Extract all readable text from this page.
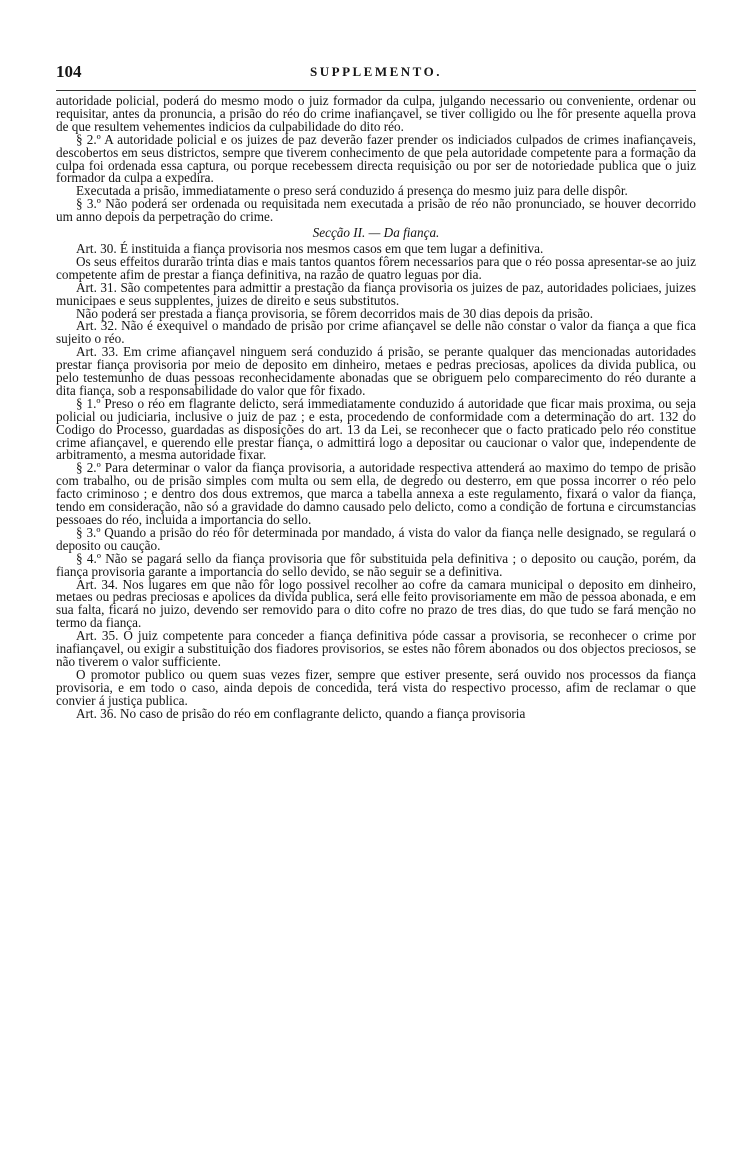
104	SUPPLEMENTO.

autoridade policial, poderá do mesmo modo o juiz formador da culpa, julgando necessario ou conveniente, ordenar ou requisitar, antes da pronuncia, a prisão do réo do crime inafiançavel, se tiver colligido ou lhe fôr presente aquella prova de que resultem vehementes indicios da culpabilidade do dito réo.

§ 2.º A autoridade policial e os juizes de paz deverão fazer prender os indiciados culpados de crimes inafiançaveis, descobertos em seus districtos, sempre que tiverem conhecimento de que pela autoridade competente para a formação da culpa foi ordenada essa captura, ou porque recebessem directa requisição ou por ser de notoriedade publica que o juiz formador da culpa a expedira.

Executada a prisão, immediatamente o preso será conduzido á presença do mesmo juiz para delle dispôr.

§ 3.º Não poderá ser ordenada ou requisitada nem executada a prisão de réo não pronunciado, se houver decorrido um anno depois da perpetração do crime.

Secção II. — Da fiança.

Art. 30. É instituida a fiança provisoria nos mesmos casos em que tem lugar a definitiva.

Os seus effeitos durarão trinta dias e mais tantos quantos fôrem necessarios para que o réo possa apresentar-se ao juiz competente afim de prestar a fiança definitiva, na razão de quatro leguas por dia.

Art. 31. São competentes para admittir a prestação da fiança provisoria os juizes de paz, autoridades policiaes, juizes municipaes e seus supplentes, juizes de direito e seus substitutos.

Não poderá ser prestada a fiança provisoria, se fôrem decorridos mais de 30 dias depois da prisão.

Art. 32. Não é exequivel o mandado de prisão por crime afiançavel se delle não constar o valor da fiança a que fica sujeito o réo.

Art. 33. Em crime afiançavel ninguem será conduzido á prisão, se perante qualquer das mencionadas autoridades prestar fiança provisoria por meio de deposito em dinheiro, metaes e pedras preciosas, apolices da divida publica, ou pelo testemunho de duas pessoas reconhecidamente abonadas que se obriguem pelo comparecimento do réo durante a dita fiança, sob a responsabilidade do valor que fôr fixado.

§ 1.º Preso o réo em flagrante delicto, será immediatamente conduzido á autoridade que ficar mais proxima, ou seja policial ou judiciaria, inclusive o juiz de paz ; e esta, procedendo de conformidade com a determinação do art. 132 do Codigo do Processo, guardadas as disposições do art. 13 da Lei, se reconhecer que o facto praticado pelo réo constitue crime afiançavel, e querendo elle prestar fiança, o admittirá logo a depositar ou caucionar o valor que, independente de arbitramento, a mesma autoridade fixar.

§ 2.º Para determinar o valor da fiança provisoria, a autoridade respectiva attenderá ao maximo do tempo de prisão com trabalho, ou de prisão simples com multa ou sem ella, de degredo ou desterro, em que possa incorrer o réo pelo facto criminoso ; e dentro dos dous extremos, que marca a tabella annexa a este regulamento, fixará o valor da fiança, tendo em consideração, não só a gravidade do damno causado pelo delicto, como a condição de fortuna e circumstancias pessoaes do réo, incluida a importancia do sello.

§ 3.º Quando a prisão do réo fôr determinada por mandado, á vista do valor da fiança nelle designado, se regulará o deposito ou caução.

§ 4.º Não se pagará sello da fiança provisoria que fôr substituida pela definitiva ; o deposito ou caução, porém, da fiança provisoria garante a importancia do sello devido, se não seguir se a definitiva.

Art. 34. Nos lugares em que não fôr logo possivel recolher ao cofre da camara municipal o deposito em dinheiro, metaes ou pedras preciosas e apolices da divida publica, será elle feito provisoriamente em mão de pessoa abonada, e em sua falta, ficará no juizo, devendo ser removido para o dito cofre no prazo de tres dias, do que tudo se fará menção no termo da fiança.

Art. 35. O juiz competente para conceder a fiança definitiva póde cassar a provisoria, se reconhecer o crime por inafiançavel, ou exigir a substituição dos fiadores provisorios, se estes não fôrem abonados ou dos objectos preciosos, se não tiverem o valor sufficiente.

O promotor publico ou quem suas vezes fizer, sempre que estiver presente, será ouvido nos processos da fiança provisoria, e em todo o caso, ainda depois de concedida, terá vista do respectivo processo, afim de reclamar o que convier á justiça publica.

Art. 36. No caso de prisão do réo em conflagrante delicto, quando a fiança provisoria
